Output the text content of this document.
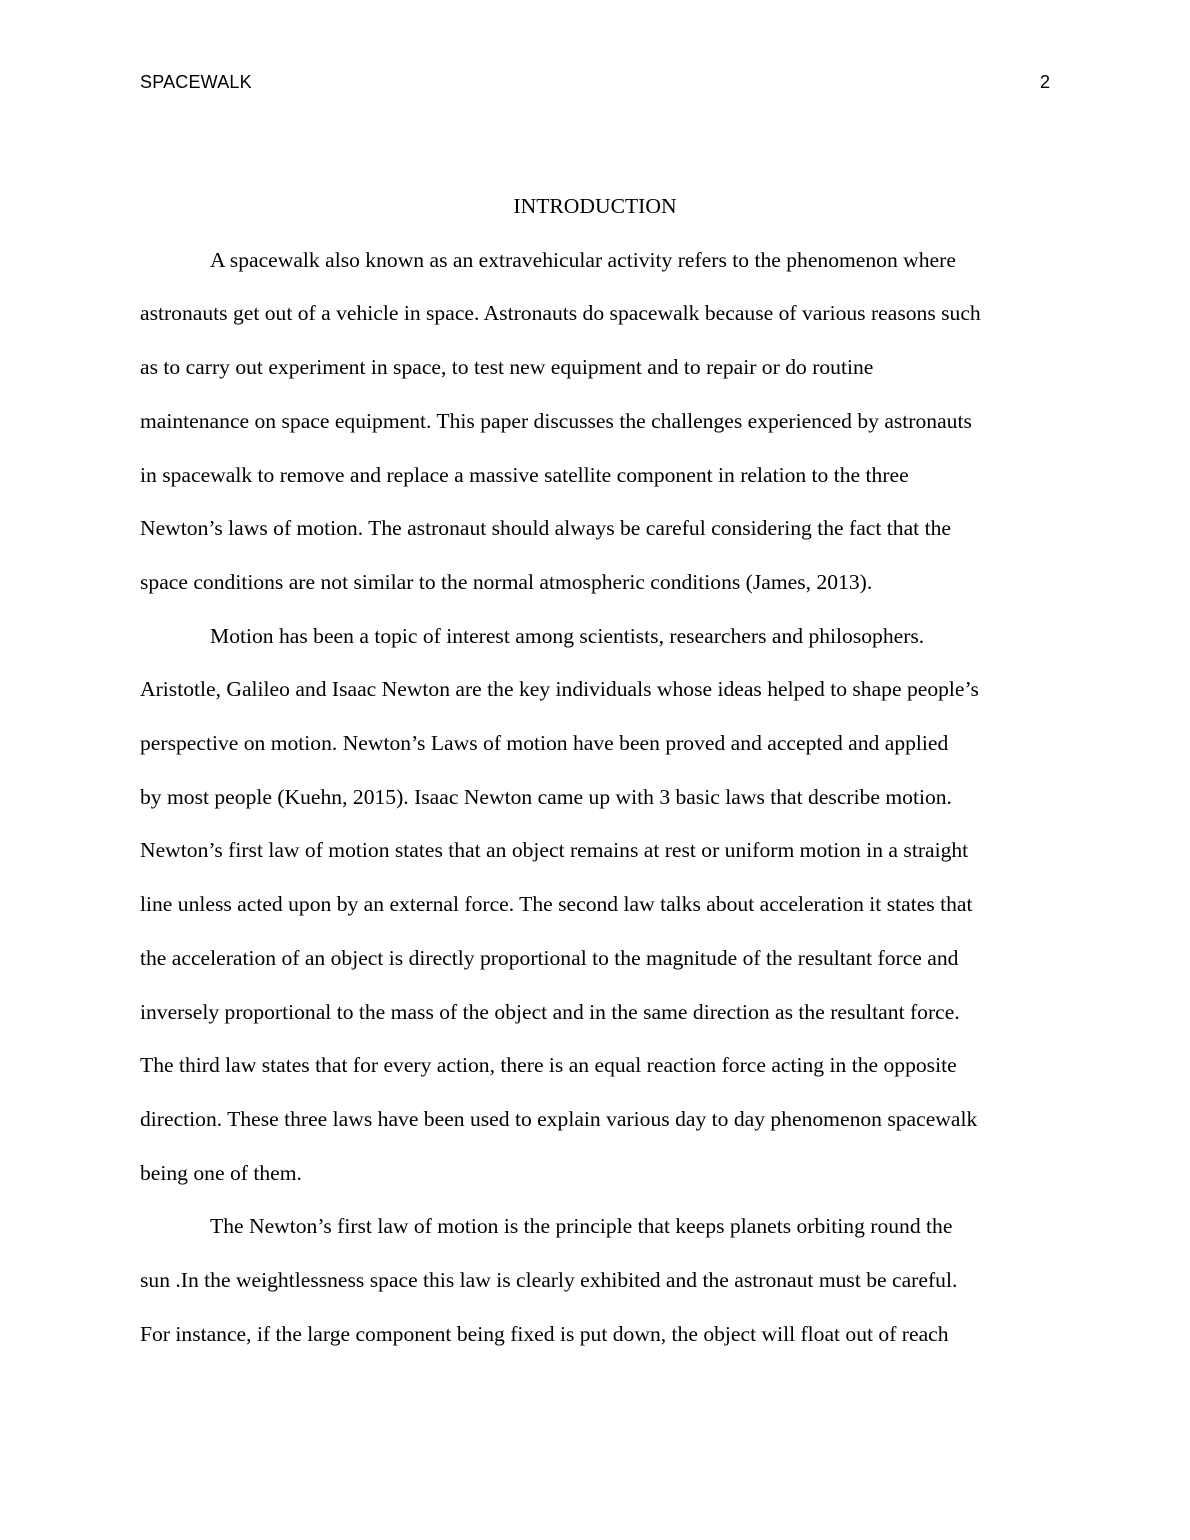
SPACEWALK	2
INTRODUCTION

A spacewalk also known as an extravehicular activity refers to the phenomenon where
astronauts get out of a vehicle in space. Astronauts do spacewalk because of various reasons such
as to carry out experiment in space, to test new equipment and to repair or do routine
maintenance on space equipment. This paper discusses the challenges experienced by astronauts
in spacewalk to remove and replace a massive satellite component in relation to the three
Newton’s laws of motion. The astronaut should always be careful considering the fact that the
space conditions are not similar to the normal atmospheric conditions (James, 2013).

Motion has been a topic of interest among scientists, researchers and philosophers.
Aristotle, Galileo and Isaac Newton are the key individuals whose ideas helped to shape people’s
perspective on motion. Newton’s Laws of motion have been proved and accepted and applied
by most people (Kuehn, 2015). Isaac Newton came up with 3 basic laws that describe motion.
Newton’s first law of motion states that an object remains at rest or uniform motion in a straight
line unless acted upon by an external force. The second law talks about acceleration it states that
the acceleration of an object is directly proportional to the magnitude of the resultant force and
inversely proportional to the mass of the object and in the same direction as the resultant force.
The third law states that for every action, there is an equal reaction force acting in the opposite
direction. These three laws have been used to explain various day to day phenomenon spacewalk
being one of them.

The Newton’s first law of motion is the principle that keeps planets orbiting round the
sun .In the weightlessness space this law is clearly exhibited and the astronaut must be careful.
For instance, if the large component being fixed is put down, the object will float out of reach
